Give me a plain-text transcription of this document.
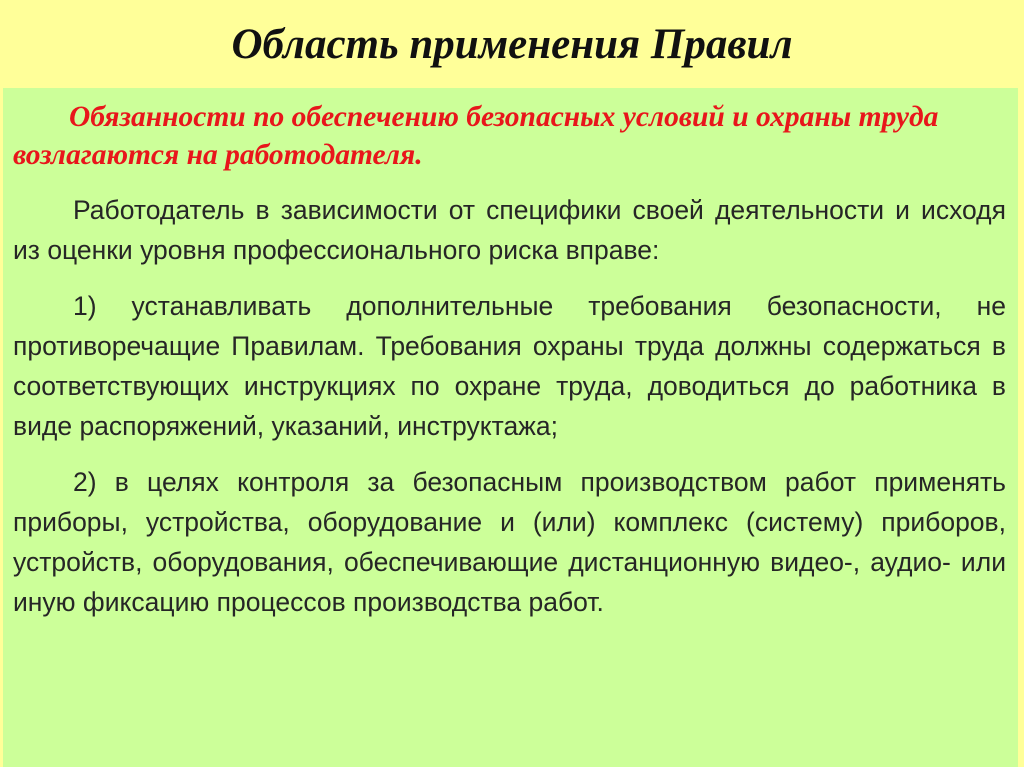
Область применения Правил

Обязанности по обеспечению безопасных условий и охраны труда возлагаются на работодателя.

Работодатель в зависимости от специфики своей деятельности и исходя из оценки уровня профессионального риска вправе:

1) устанавливать дополнительные требования безопасности, не противоречащие Правилам. Требования охраны труда должны содержаться в соответствующих инструкциях по охране труда, доводиться до работника в виде распоряжений, указаний, инструктажа;

2) в целях контроля за безопасным производством работ применять приборы, устройства, оборудование и (или) комплекс (систему) приборов, устройств, оборудования, обеспечивающие дистанционную видео-, аудио- или иную фиксацию процессов производства работ.
